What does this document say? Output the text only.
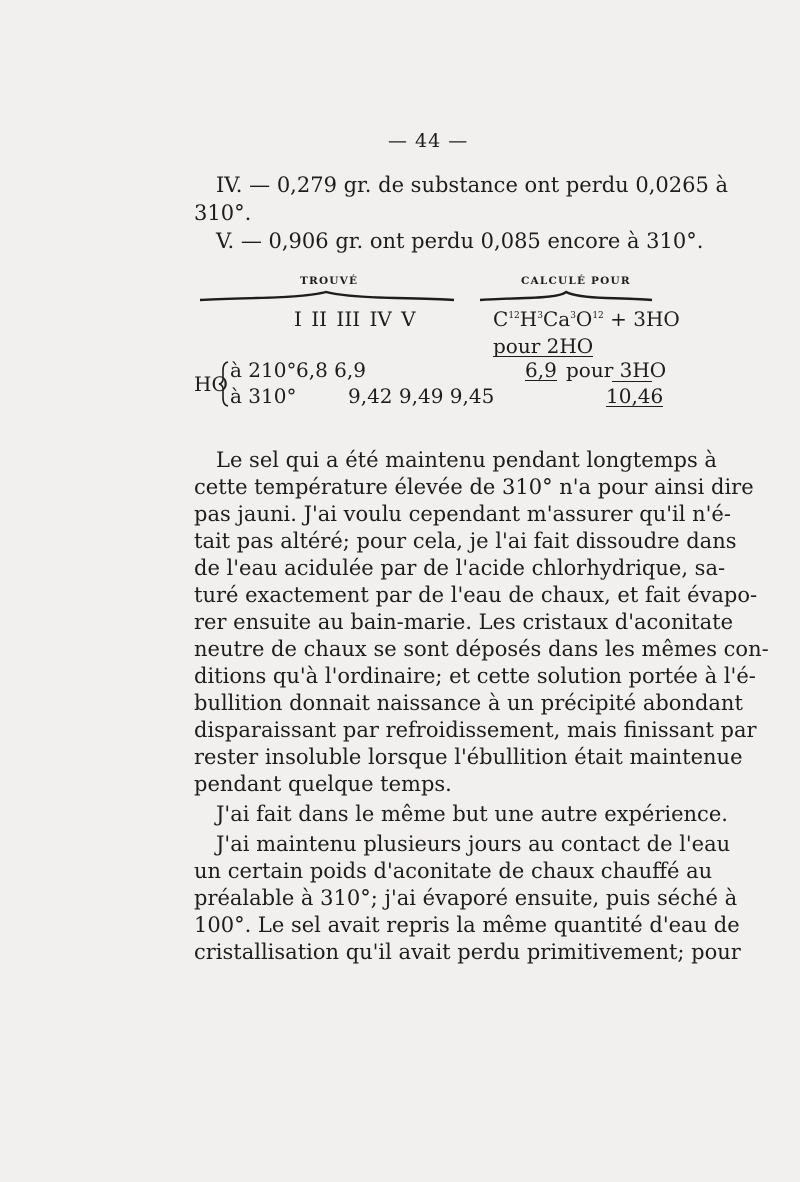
— 44 —
IV. — 0,279 gr. de substance ont perdu 0,0265 à
310°.
V. — 0,906 gr. ont perdu 0,085 encore à 310°.
TROUVÉ	CALCULÉ POUR
I II III IV V	$C^{12}H^3Ca^3O^{12} + 3HO$
pour 2HO
HO
à 210° 6,8 6,9	6,9 pour 3HO
à 310°	9,42 9,49 9,45	10,46
Le sel qui a été maintenu pendant longtemps à
cette température élevée de 310° n'a pour ainsi dire
pas jauni. J'ai voulu cependant m'assurer qu'il n'é-
tait pas altéré; pour cela, je l'ai fait dissoudre dans
de l'eau acidulée par de l'acide chlorhydrique, sa-
turé exactement par de l'eau de chaux, et fait évapo-
rer ensuite au bain-marie. Les cristaux d'aconitate
neutre de chaux se sont déposés dans les mêmes con-
ditions qu'à l'ordinaire; et cette solution portée à l'é-
bullition donnait naissance à un précipité abondant
disparaissant par refroidissement, mais finissant par
rester insoluble lorsque l'ébullition était maintenue
pendant quelque temps.
J'ai fait dans le même but une autre expérience.
J'ai maintenu plusieurs jours au contact de l'eau
un certain poids d'aconitate de chaux chauffé au
préalable à 310°; j'ai évaporé ensuite, puis séché à
100°. Le sel avait repris la même quantité d'eau de
cristallisation qu'il avait perdu primitivement; pour
